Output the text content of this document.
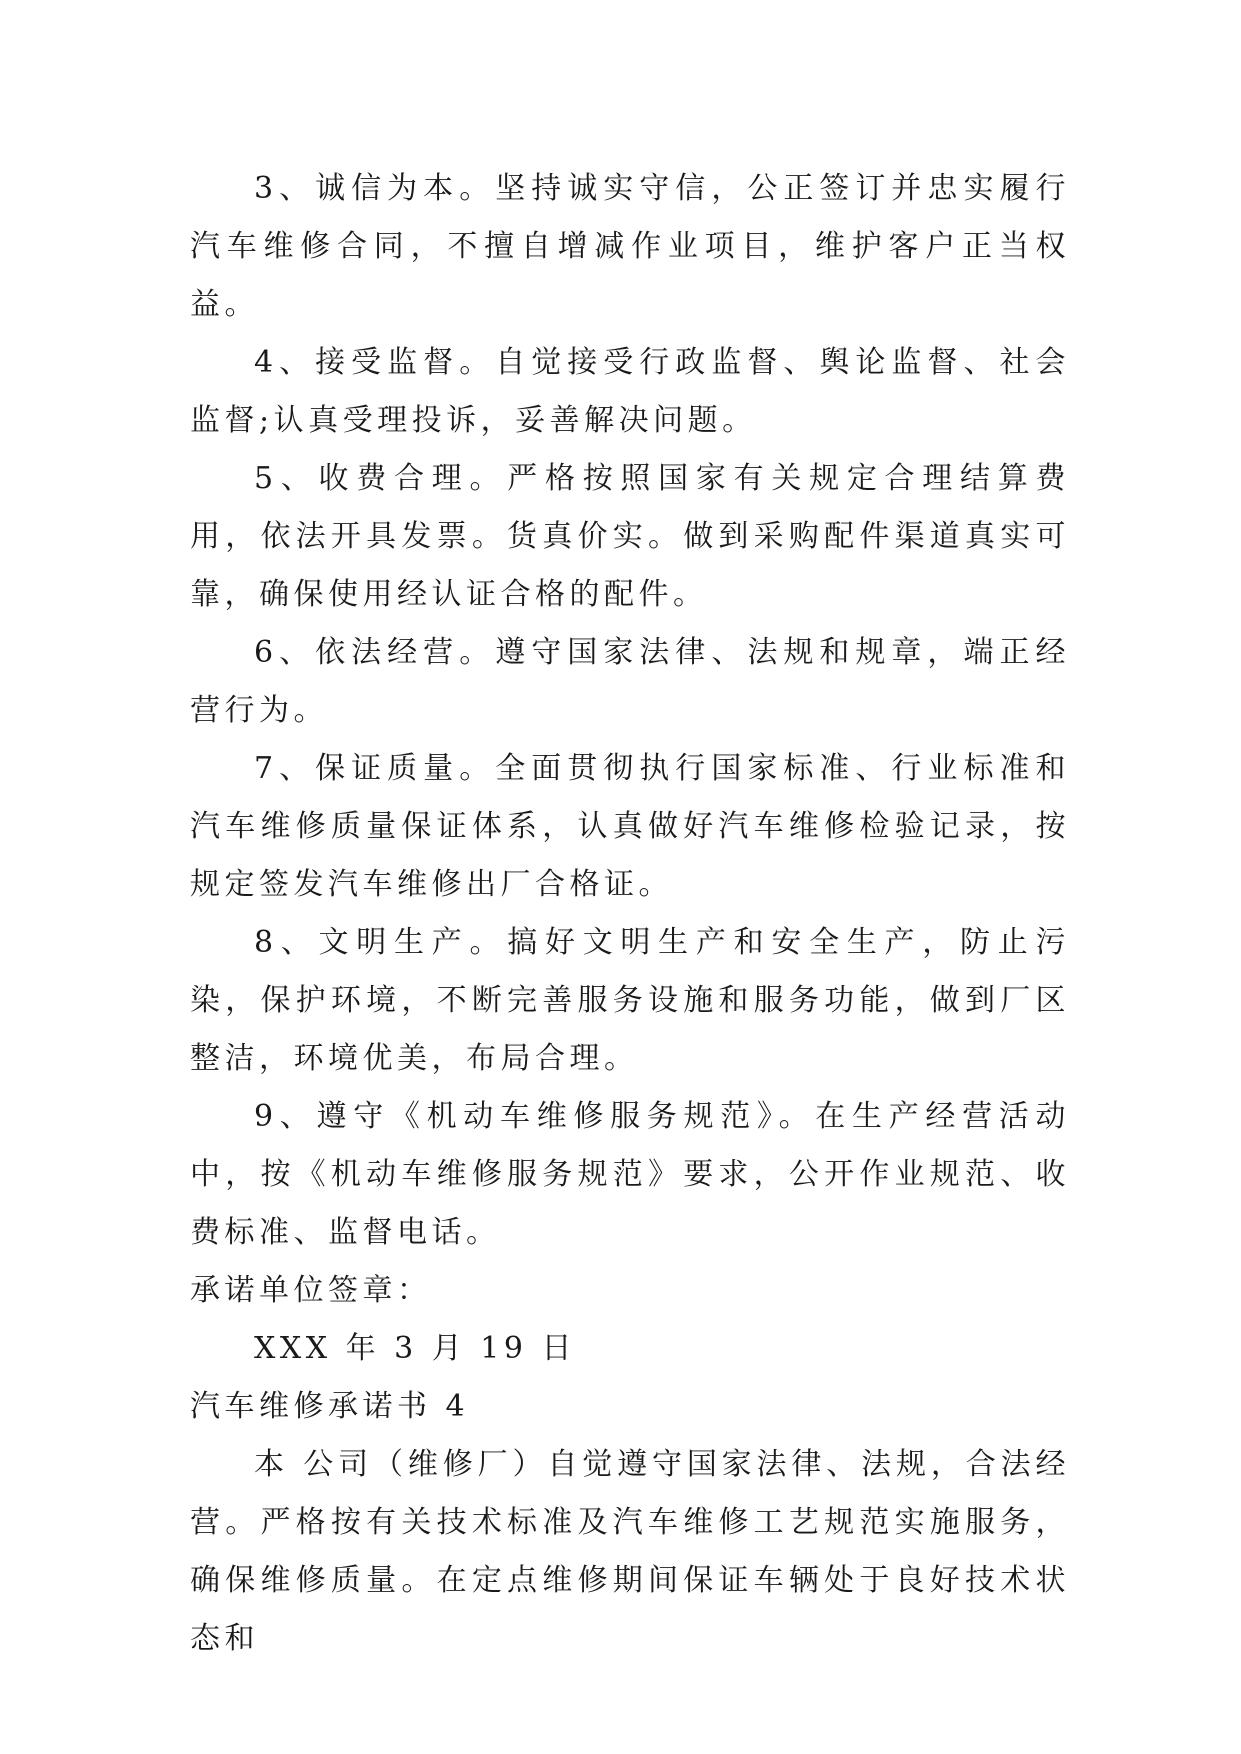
3、诚信为本。坚持诚实守信，公正签订并忠实履行汽车维修合同，不擅自增减作业项目，维护客户正当权益。

4、接受监督。自觉接受行政监督、舆论监督、社会监督;认真受理投诉，妥善解决问题。

5、收费合理。严格按照国家有关规定合理结算费用，依法开具发票。货真价实。做到采购配件渠道真实可靠，确保使用经认证合格的配件。

6、依法经营。遵守国家法律、法规和规章，端正经营行为。

7、保证质量。全面贯彻执行国家标准、行业标准和汽车维修质量保证体系，认真做好汽车维修检验记录，按规定签发汽车维修出厂合格证。

8、文明生产。搞好文明生产和安全生产，防止污染，保护环境，不断完善服务设施和服务功能，做到厂区整洁，环境优美，布局合理。

9、遵守《机动车维修服务规范》。在生产经营活动中，按《机动车维修服务规范》要求，公开作业规范、收费标准、监督电话。

承诺单位签章：

XXX 年 3 月 19 日

汽车维修承诺书 4

本 公司（维修厂）自觉遵守国家法律、法规，合法经营。严格按有关技术标准及汽车维修工艺规范实施服务，确保维修质量。在定点维修期间保证车辆处于良好技术状态和
